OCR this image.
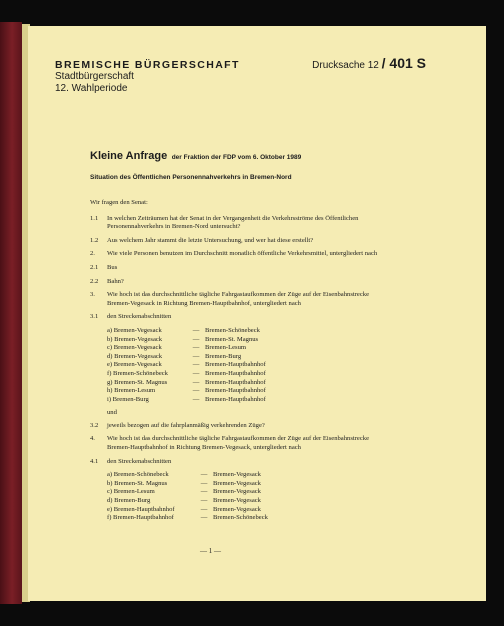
BREMISCHE BÜRGERSCHAFT
Stadtbürgerschaft
12. Wahlperiode
Drucksache 12 / 401 S
Kleine Anfrage der Fraktion der FDP vom 6. Oktober 1989
Situation des Öffentlichen Personennahverkehrs in Bremen-Nord
Wir fragen den Senat:
1.1	In welchen Zeiträumen hat der Senat in der Vergangenheit die Verkehrsströme des Öffentlichen Personennahverkehrs in Bremen-Nord untersucht?
1.2	Aus welchem Jahr stammt die letzte Untersuchung, und wer hat diese erstellt?
2.	Wie viele Personen benutzen im Durchschnitt monatlich öffentliche Verkehrsmittel, untergliedert nach
2.1	Bus
2.2	Bahn?
3.	Wie hoch ist das durchschnittliche tägliche Fahrgastaufkommen der Züge auf der Eisenbahnstrecke Bremen-Vegesack in Richtung Bremen-Hauptbahnhof, untergliedert nach
3.1	den Streckenabschnitten
a) Bremen-Vegesack	— Bremen-Schönebeck
b) Bremen-Vegesack	— Bremen-St. Magnus
c) Bremen-Vegesack	— Bremen-Lesum
d) Bremen-Vegesack	— Bremen-Burg
e) Bremen-Vegesack	— Bremen-Hauptbahnhof
f) Bremen-Schönebeck	— Bremen-Hauptbahnhof
g) Bremen-St. Magnus	— Bremen-Hauptbahnhof
h) Bremen-Lesum	— Bremen-Hauptbahnhof
i) Bremen-Burg	— Bremen-Hauptbahnhof
und
3.2	jeweils bezogen auf die fahrplanmäßig verkehrenden Züge?
4.	Wie hoch ist das durchschnittliche tägliche Fahrgastaufkommen der Züge auf der Eisenbahnstrecke Bremen-Hauptbahnhof in Richtung Bremen-Vegesack, untergliedert nach
4.1	den Streckenabschnitten
a) Bremen-Schönebeck	— Bremen-Vegesack
b) Bremen-St. Magnus	— Bremen-Vegesack
c) Bremen-Lesum	— Bremen-Vegesack
d) Bremen-Burg	— Bremen-Vegesack
e) Bremen-Hauptbahnhof	— Bremen-Vegesack
f) Bremen-Hauptbahnhof	— Bremen-Schönebeck
— 1 —
